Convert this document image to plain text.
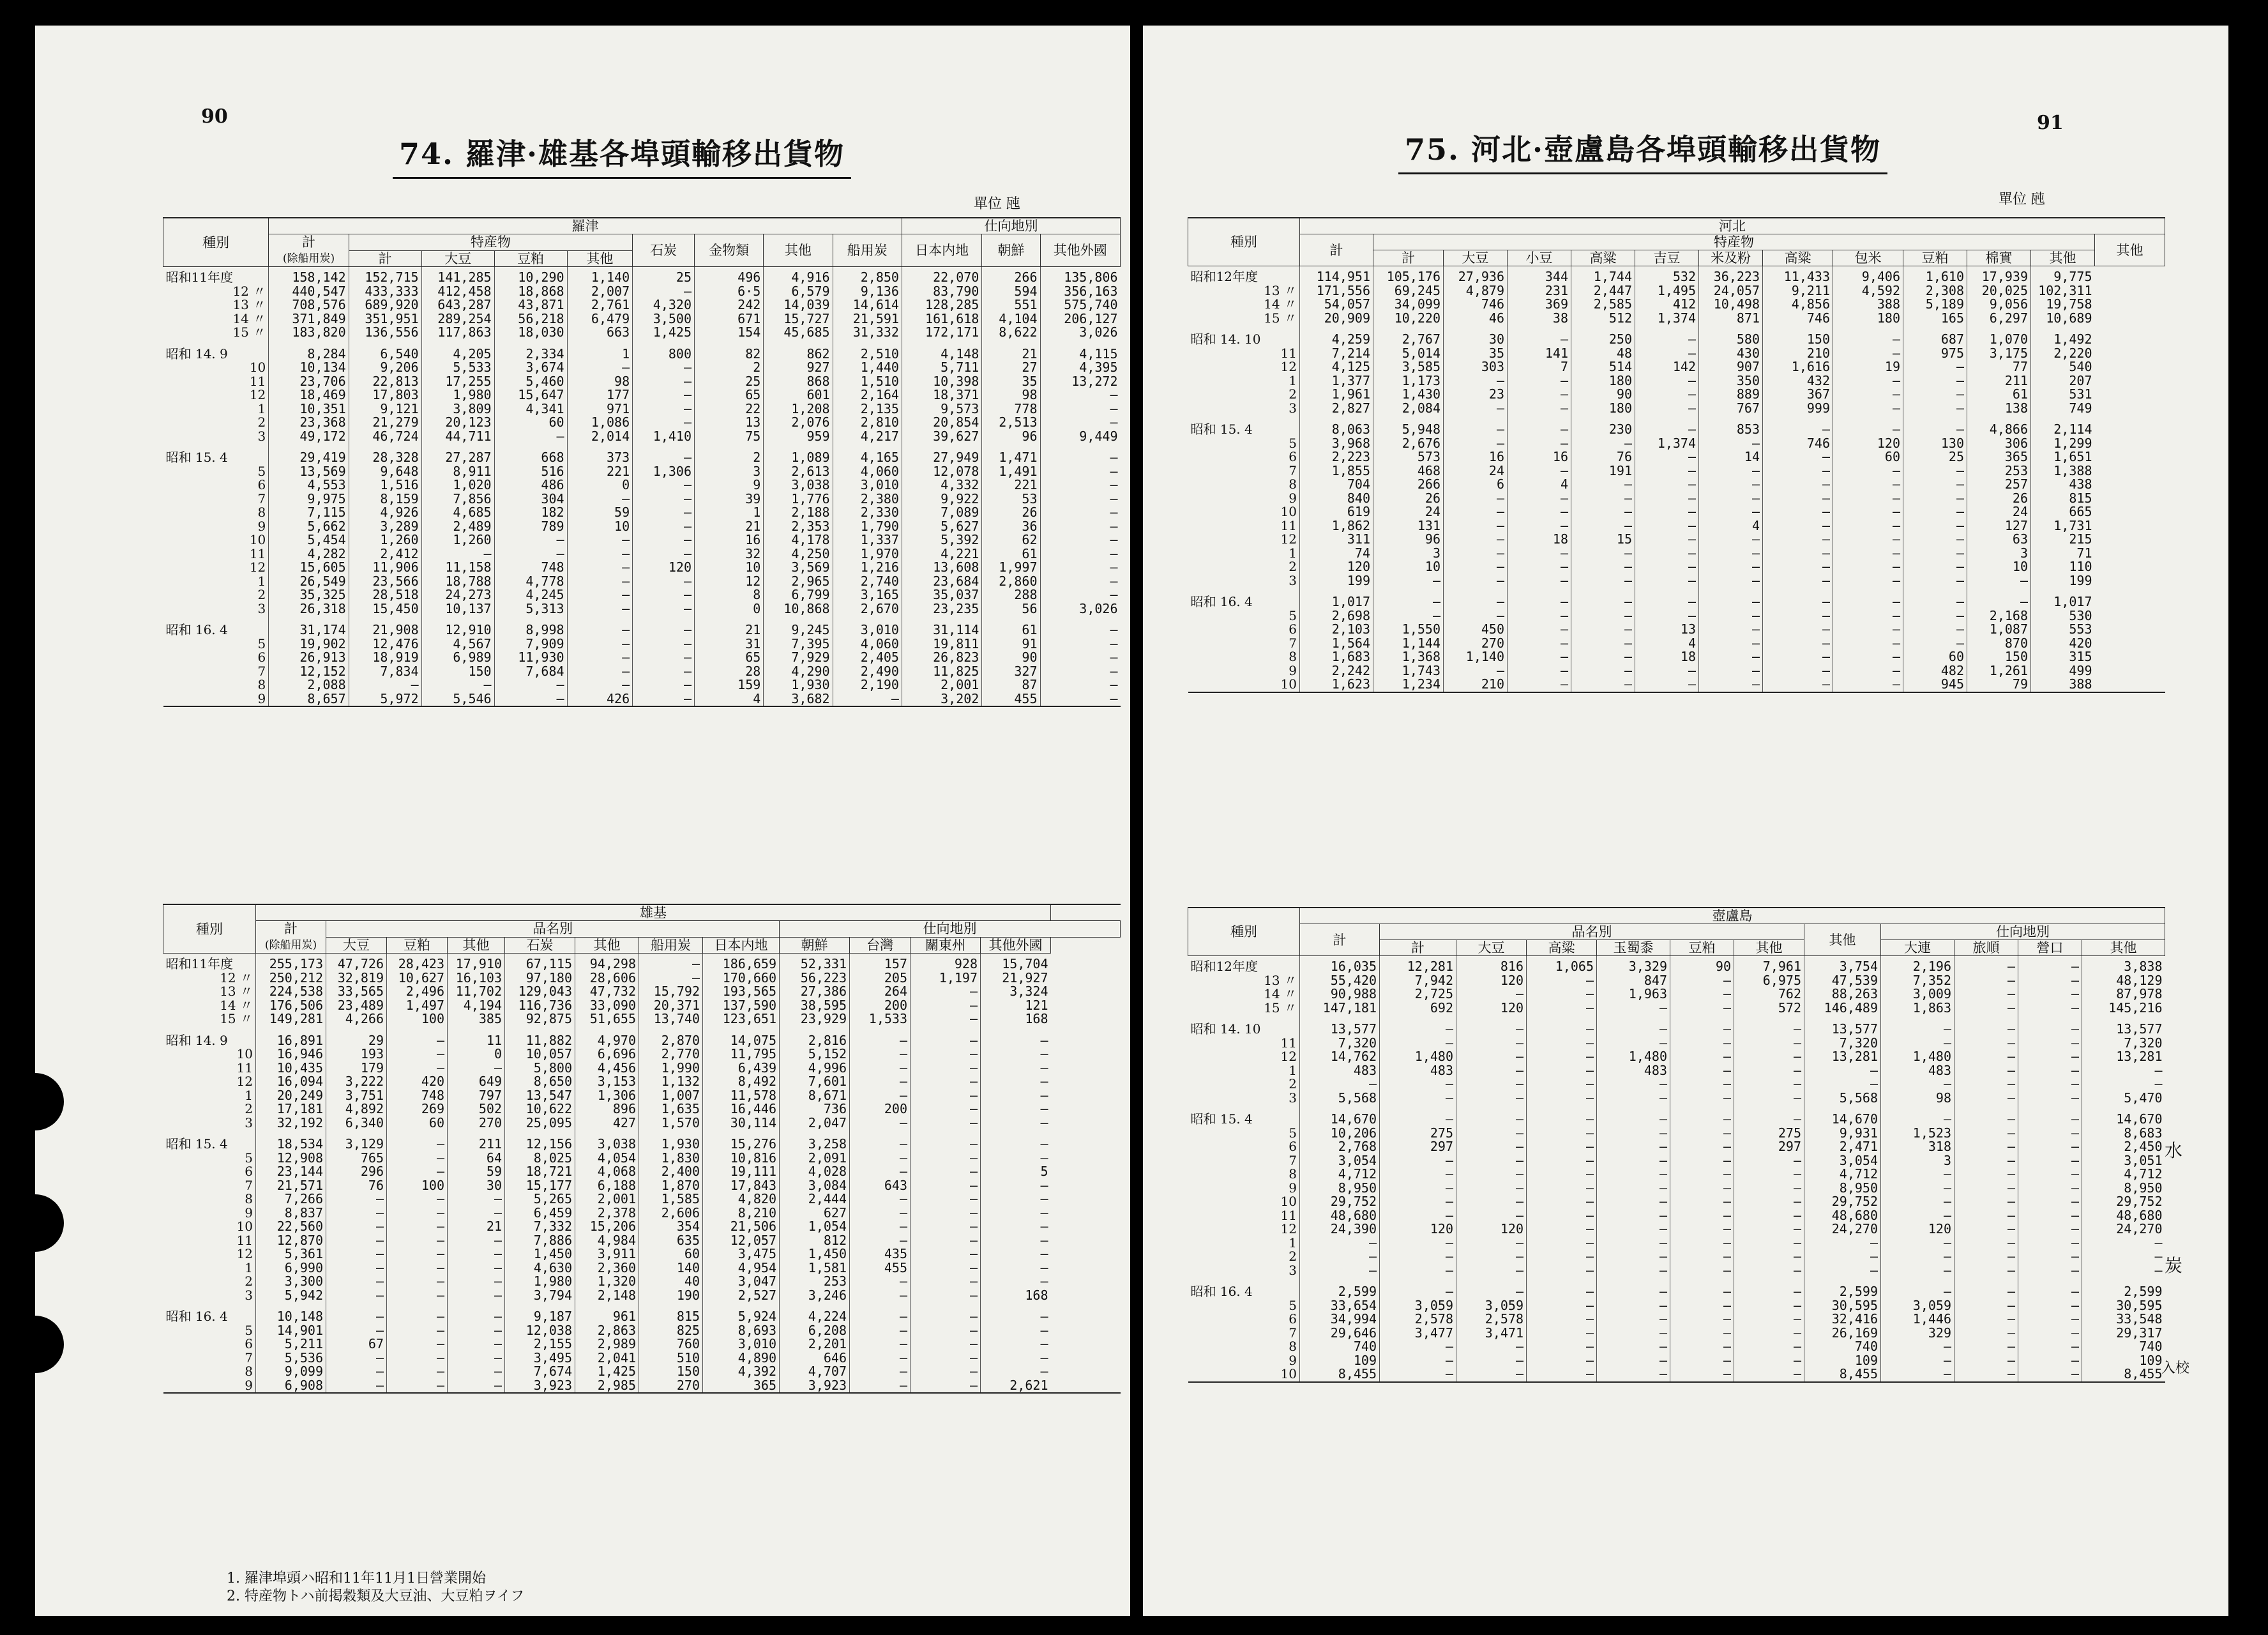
90
74. 羅津·雄基各埠頭輸移出貨物
單位 瓲
種別	羅津									仕向地別		
	計
(除船用炭)	特産物				石炭	金物類	其他	船用炭	日本内地	朝鮮	其他外國
		計	大豆	豆粕	其他							
昭和11年度	158,142	152,715	141,285	10,290	1,140	25	496	4,916	2,850	22,070	266	135,806
12 〃	440,547	433,333	412,458	18,868	2,007	—	6·5	6,579	9,136	83,790	594	356,163
13 〃	708,576	689,920	643,287	43,871	2,761	4,320	242	14,039	14,614	128,285	551	575,740
14 〃	371,849	351,951	289,254	56,218	6,479	3,500	671	15,727	21,591	161,618	4,104	206,127
15 〃	183,820	136,556	117,863	18,030	663	1,425	154	45,685	31,332	172,171	8,622	3,026
昭和 14. 9	8,284	6,540	4,205	2,334	1	800	82	862	2,510	4,148	21	4,115
10	10,134	9,206	5,533	3,674	—	—	2	927	1,440	5,711	27	4,395
11	23,706	22,813	17,255	5,460	98	—	25	868	1,510	10,398	35	13,272
12	18,469	17,803	1,980	15,647	177	—	65	601	2,164	18,371	98	—
1	10,351	9,121	3,809	4,341	971	—	22	1,208	2,135	9,573	778	—
2	23,368	21,279	20,123	60	1,086	—	13	2,076	2,810	20,854	2,513	—
3	49,172	46,724	44,711	—	2,014	1,410	75	959	4,217	39,627	96	9,449
昭和 15. 4	29,419	28,328	27,287	668	373	—	2	1,089	4,165	27,949	1,471	—
5	13,569	9,648	8,911	516	221	1,306	3	2,613	4,060	12,078	1,491	—
6	4,553	1,516	1,020	486	0	—	9	3,038	3,010	4,332	221	—
7	9,975	8,159	7,856	304	—	—	39	1,776	2,380	9,922	53	—
8	7,115	4,926	4,685	182	59	—	1	2,188	2,330	7,089	26	—
9	5,662	3,289	2,489	789	10	—	21	2,353	1,790	5,627	36	—
10	5,454	1,260	1,260	—	—	—	16	4,178	1,337	5,392	62	—
11	4,282	2,412	—	—	—	—	32	4,250	1,970	4,221	61	—
12	15,605	11,906	11,158	748	—	120	10	3,569	1,216	13,608	1,997	—
1	26,549	23,566	18,788	4,778	—	—	12	2,965	2,740	23,684	2,860	—
2	35,325	28,518	24,273	4,245	—	—	8	6,799	3,165	35,037	288	—
3	26,318	15,450	10,137	5,313	—	—	0	10,868	2,670	23,235	56	3,026
昭和 16. 4	31,174	21,908	12,910	8,998	—	—	21	9,245	3,010	31,114	61	—
5	19,902	12,476	4,567	7,909	—	—	31	7,395	4,060	19,811	91	—
6	26,913	18,919	6,989	11,930	—	—	65	7,929	2,405	26,823	90	—
7	12,152	7,834	150	7,684	—	—	28	4,290	2,490	11,825	327	—
8	2,088	—	—	—	—	—	159	1,930	2,190	2,001	87	—
9	8,657	5,972	5,546	—	426	—	4	3,682	—	3,202	455	—
種別	雄基											
	計
(除船用炭)	品名別							仕向地別			
		大豆	豆粕	其他	石炭	其他	船用炭	日本内地	朝鮮	台灣	關東州	其他外國
昭和11年度	255,173	47,726	28,423	17,910	67,115	94,298	—	186,659	52,331	157	928	15,704
12 〃	250,212	32,819	10,627	16,103	97,180	28,606	—	170,660	56,223	205	1,197	21,927
13 〃	224,538	33,565	2,496	11,702	129,043	47,732	15,792	193,565	27,386	264	—	3,324
14 〃	176,506	23,489	1,497	4,194	116,736	33,090	20,371	137,590	38,595	200	—	121
15 〃	149,281	4,266	100	385	92,875	51,655	13,740	123,651	23,929	1,533	—	168
昭和 14. 9	16,891	29	—	11	11,882	4,970	2,870	14,075	2,816	—	—	—
10	16,946	193	—	0	10,057	6,696	2,770	11,795	5,152	—	—	—
11	10,435	179	—	—	5,800	4,456	1,990	6,439	4,996	—	—	—
12	16,094	3,222	420	649	8,650	3,153	1,132	8,492	7,601	—	—	—
1	20,249	3,751	748	797	13,547	1,306	1,007	11,578	8,671	—	—	—
2	17,181	4,892	269	502	10,622	896	1,635	16,446	736	200	—	—
3	32,192	6,340	60	270	25,095	427	1,570	30,114	2,047	—	—	—
昭和 15. 4	18,534	3,129	—	211	12,156	3,038	1,930	15,276	3,258	—	—	—
5	12,908	765	—	64	8,025	4,054	1,830	10,816	2,091	—	—	—
6	23,144	296	—	59	18,721	4,068	2,400	19,111	4,028	—	—	5
7	21,571	76	100	30	15,177	6,188	1,870	17,843	3,084	643	—	—
8	7,266	—	—	—	5,265	2,001	1,585	4,820	2,444	—	—	—
9	8,837	—	—	—	6,459	2,378	2,606	8,210	627	—	—	—
10	22,560	—	—	21	7,332	15,206	354	21,506	1,054	—	—	—
11	12,870	—	—	—	7,886	4,984	635	12,057	812	—	—	—
12	5,361	—	—	—	1,450	3,911	60	3,475	1,450	435	—	—
1	6,990	—	—	—	4,630	2,360	140	4,954	1,581	455	—	—
2	3,300	—	—	—	1,980	1,320	40	3,047	253	—	—	—
3	5,942	—	—	—	3,794	2,148	190	2,527	3,246	—	—	168
昭和 16. 4	10,148	—	—	—	9,187	961	815	5,924	4,224	—	—	—
5	14,901	—	—	—	12,038	2,863	825	8,693	6,208	—	—	—
6	5,211	67	—	—	2,155	2,989	760	3,010	2,201	—	—	—
7	5,536	—	—	—	3,495	2,041	510	4,890	646	—	—	—
8	9,099	—	—	—	7,674	1,425	150	4,392	4,707	—	—	—
9	6,908	—	—	—	3,923	2,985	270	365	3,923	—	—	2,621
1. 羅津埠頭ハ昭和11年11月1日營業開始
2. 特産物トハ前掲穀類及大豆油、大豆粕ヲイフ
91
75. 河北·壺盧島各埠頭輸移出貨物
單位 瓲
種別	河北												
	計	特産物											其他
		計	大豆	小豆	高粱	吉豆	米及粉	高粱	包米	豆粕	棉實	其他	
昭和12年度	114,951	105,176	27,936	344	1,744	532	36,223	11,433	9,406	1,610	17,939	9,775	
13 〃	171,556	69,245	4,879	231	2,447	1,495	24,057	9,211	4,592	2,308	20,025	102,311	
14 〃	54,057	34,099	746	369	2,585	412	10,498	4,856	388	5,189	9,056	19,758	
15 〃	20,909	10,220	46	38	512	1,374	871	746	180	165	6,297	10,689	
昭和 14. 10	4,259	2,767	30	—	250	—	580	150	—	687	1,070	1,492	
11	7,214	5,014	35	141	48	—	430	210	—	975	3,175	2,220	
12	4,125	3,585	303	7	514	142	907	1,616	19	—	77	540	
1	1,377	1,173	—	—	180	—	350	432	—	—	211	207	
2	1,961	1,430	23	—	90	—	889	367	—	—	61	531	
3	2,827	2,084	—	—	180	—	767	999	—	—	138	749	
昭和 15. 4	8,063	5,948	—	—	230	—	853	—	—	—	4,866	2,114	
5	3,968	2,676	—	—	—	1,374	—	746	120	130	306	1,299	
6	2,223	573	16	16	76	—	14	—	60	25	365	1,651	
7	1,855	468	24	—	191	—	—	—	—	—	253	1,388	
8	704	266	6	4	—	—	—	—	—	—	257	438	
9	840	26	—	—	—	—	—	—	—	—	26	815	
10	619	24	—	—	—	—	—	—	—	—	24	665	
11	1,862	131	—	—	—	—	4	—	—	—	127	1,731	
12	311	96	—	18	15	—	—	—	—	—	63	215	
1	74	3	—	—	—	—	—	—	—	—	3	71	
2	120	10	—	—	—	—	—	—	—	—	10	110	
3	199	—	—	—	—	—	—	—	—	—	—	199	
昭和 16. 4	1,017	—	—	—	—	—	—	—	—	—	—	1,017	
5	2,698	—	—	—	—	—	—	—	—	—	2,168	530	
6	2,103	1,550	450	—	—	13	—	—	—	—	1,087	553	
7	1,564	1,144	270	—	—	4	—	—	—	—	870	420	
8	1,683	1,368	1,140	—	—	18	—	—	—	60	150	315	
9	2,242	1,743	—	—	—	—	—	—	—	482	1,261	499	
10	1,623	1,234	210	—	—	—	—	—	—	945	79	388	
種別	壺盧島											
	計	品名別						其他	仕向地別			
		計	大豆	高粱	玉蜀黍	豆粕	其他		大連	旅順	營口	其他
昭和12年度	16,035	12,281	816	1,065	3,329	90	7,961	3,754	2,196	—	—	3,838
13 〃	55,420	7,942	120	—	847	—	6,975	47,539	7,352	—	—	48,129
14 〃	90,988	2,725	—	—	1,963	—	762	88,263	3,009	—	—	87,978
15 〃	147,181	692	120	—	—	—	572	146,489	1,863	—	—	145,216
昭和 14. 10	13,577	—	—	—	—	—	—	13,577	—	—	—	13,577
11	7,320	—	—	—	—	—	—	7,320	—	—	—	7,320
12	14,762	1,480	—	—	1,480	—	—	13,281	1,480	—	—	13,281
1	483	483	—	—	483	—	—	—	483	—	—	—
2	—	—	—	—	—	—	—	—	—	—	—	—
3	5,568	—	—	—	—	—	—	5,568	98	—	—	5,470
昭和 15. 4	14,670	—	—	—	—	—	—	14,670	—	—	—	14,670
5	10,206	275	—	—	—	—	275	9,931	1,523	—	—	8,683
6	2,768	297	—	—	—	—	297	2,471	318	—	—	2,450
7	3,054	—	—	—	—	—	—	3,054	3	—	—	3,051
8	4,712	—	—	—	—	—	—	4,712	—	—	—	4,712
9	8,950	—	—	—	—	—	—	8,950	—	—	—	8,950
10	29,752	—	—	—	—	—	—	29,752	—	—	—	29,752
11	48,680	—	—	—	—	—	—	48,680	—	—	—	48,680
12	24,390	120	120	—	—	—	—	24,270	120	—	—	24,270
1	—	—	—	—	—	—	—	—	—	—	—	—
2	—	—	—	—	—	—	—	—	—	—	—	—
3	—	—	—	—	—	—	—	—	—	—	—	—
昭和 16. 4	2,599	—	—	—	—	—	—	2,599	—	—	—	2,599
5	33,654	3,059	3,059	—	—	—	—	30,595	3,059	—	—	30,595
6	34,994	2,578	2,578	—	—	—	—	32,416	1,446	—	—	33,548
7	29,646	3,477	3,471	—	—	—	—	26,169	329	—	—	29,317
8	740	—	—	—	—	—	—	740	—	—	—	740
9	109	—	—	—	—	—	—	109	—	—	—	109
10	8,455	—	—	—	—	—	—	8,455	—	—	—	8,455
水
炭
入校
